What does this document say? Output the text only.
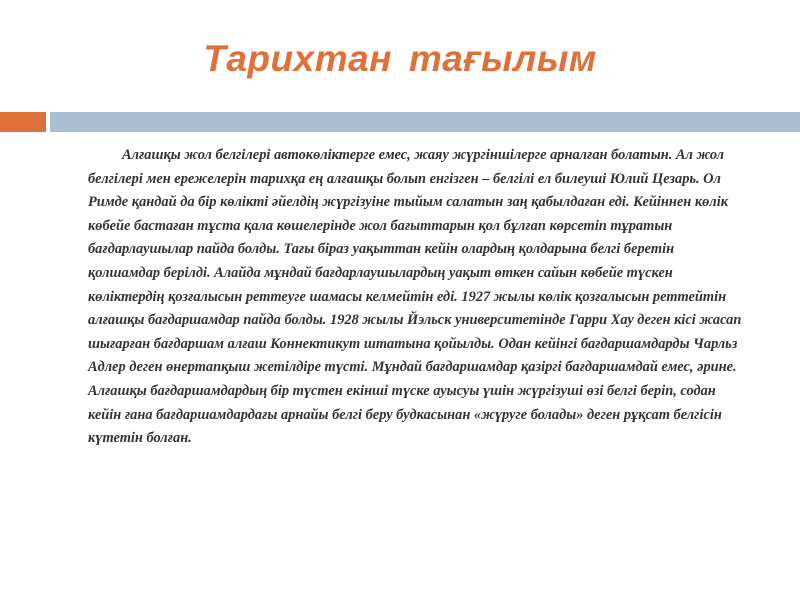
Тарихтан тағылым

Алғашқы жол белгілері автокөліктерге емес, жаяу жүргіншілерге арналған болатын. Ал жол белгілері мен ережелерін тарихқа ең алғашқы болып енгізген – белгілі ел билеуші Юлий Цезарь. Ол Римде қандай да бір көлікті әйелдің жүргізуіне тыйым салатын заң қабылдаған еді. Кейіннен көлік көбейе бастаған тұста қала көшелерінде жол бағыттарын қол бұлғап көрсетіп тұратын бағдарлаушылар пайда болды. Тағы біраз уақыттан кейін олардың қолдарына белгі беретін қолшамдар берілді. Алайда мұндай бағдарлаушылардың уақыт өткен сайын көбейе түскен көліктердің қозғалысын реттеуге шамасы келмейтін еді. 1927 жылы көлік қозғалысын реттейтін алғашқы бағдаршамдар пайда болды. 1928 жылы Йэльск университетінде Гарри Хау деген кісі жасап шығарған бағдаршам алғаш Коннектикут штатына қойылды. Одан кейінгі бағдаршамдарды Чарльз Адлер деген өнертапқыш жетілдіре түсті. Мұндай бағдаршамдар қазіргі бағдаршамдай емес, әрине. Алғашқы бағдаршамдардың бір түстен екінші түске ауысуы үшін жүргізуші өзі белгі беріп, содан кейін ғана бағдаршамдардағы арнайы белгі беру будкасынан «жүруге болады» деген рұқсат белгісін күтетін болған.
